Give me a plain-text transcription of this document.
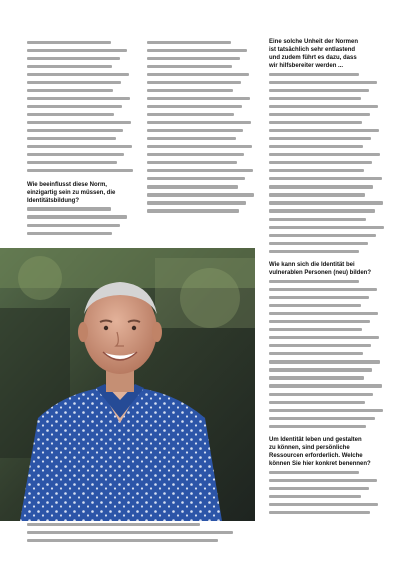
Wie beeinflusst diese Norm,
einzigartig sein zu müssen, die
Identitätsbildung?
Eine solche Unheit der Normen
ist tatsächlich sehr entlastend
und zudem führt es dazu, dass
wir hilfsbereiter werden ...
Wie kann sich die Identität bei
vulnerablen Personen (neu) bilden?
Um Identität leben und gestalten
zu können, sind persönliche
Ressourcen erforderlich. Welche
können Sie hier konkret benennen?
